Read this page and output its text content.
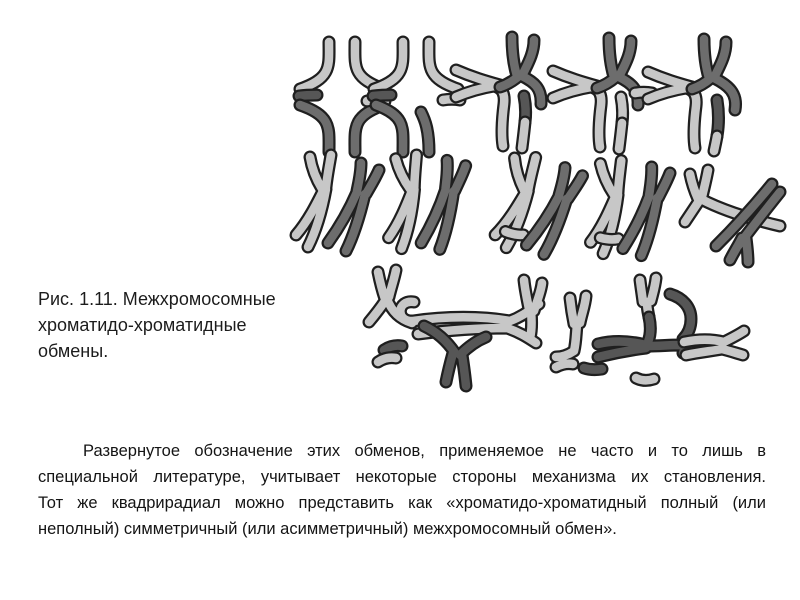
Рис. 1.11. Межхромосомные
хроматидо-хроматидные
обмены.
Развернутое обозначение этих обменов, применяемое не часто и то лишь в
специальной литературе, учитывает некоторые стороны механизма их становления.
Тот же квадрирадиал можно представить как «хроматидо-хроматидный полный (или
неполный) симметричный (или асимметричный) межхромосомный обмен».
